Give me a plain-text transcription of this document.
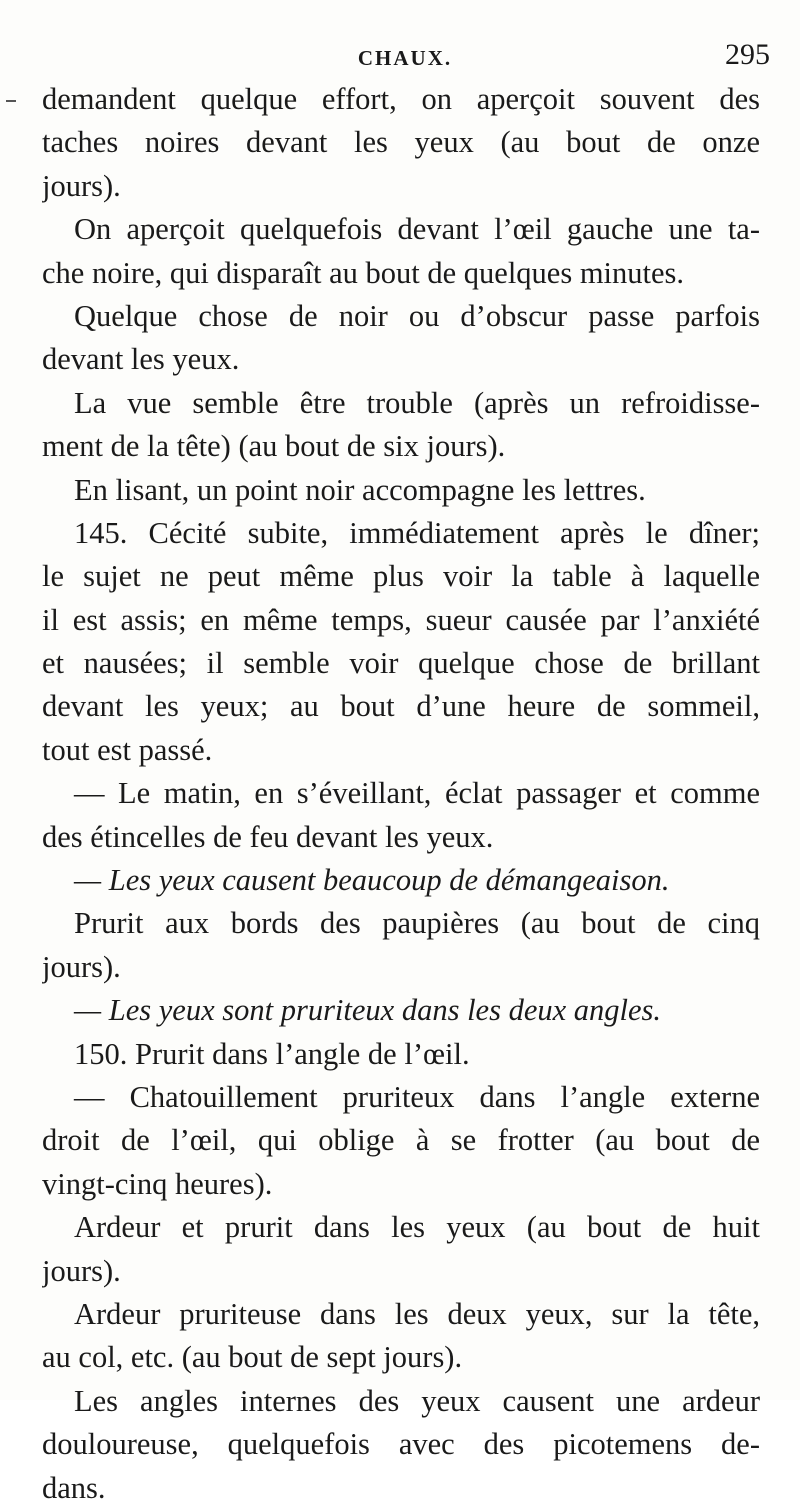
CHAUX.	295
demandent quelque effort, on aperçoit souvent des
taches noires devant les yeux (au bout de onze
jours).
On aperçoit quelquefois devant l’œil gauche une ta-
che noire, qui disparaît au bout de quelques minutes.
Quelque chose de noir ou d’obscur passe parfois
devant les yeux.
La vue semble être trouble (après un refroidisse-
ment de la tête) (au bout de six jours).
En lisant, un point noir accompagne les lettres.
145. Cécité subite, immédiatement après le dîner;
le sujet ne peut même plus voir la table à laquelle
il est assis; en même temps, sueur causée par l’anxiété
et nausées; il semble voir quelque chose de brillant
devant les yeux; au bout d’une heure de sommeil,
tout est passé.
— Le matin, en s’éveillant, éclat passager et comme
des étincelles de feu devant les yeux.
— Les yeux causent beaucoup de démangeaison.
Prurit aux bords des paupières (au bout de cinq
jours).
— Les yeux sont pruriteux dans les deux angles.
150. Prurit dans l’angle de l’œil.
— Chatouillement pruriteux dans l’angle externe
droit de l’œil, qui oblige à se frotter (au bout de
vingt-cinq heures).
Ardeur et prurit dans les yeux (au bout de huit
jours).
Ardeur pruriteuse dans les deux yeux, sur la tête,
au col, etc. (au bout de sept jours).
Les angles internes des yeux causent une ardeur
douloureuse, quelquefois avec des picotemens de-
dans.
